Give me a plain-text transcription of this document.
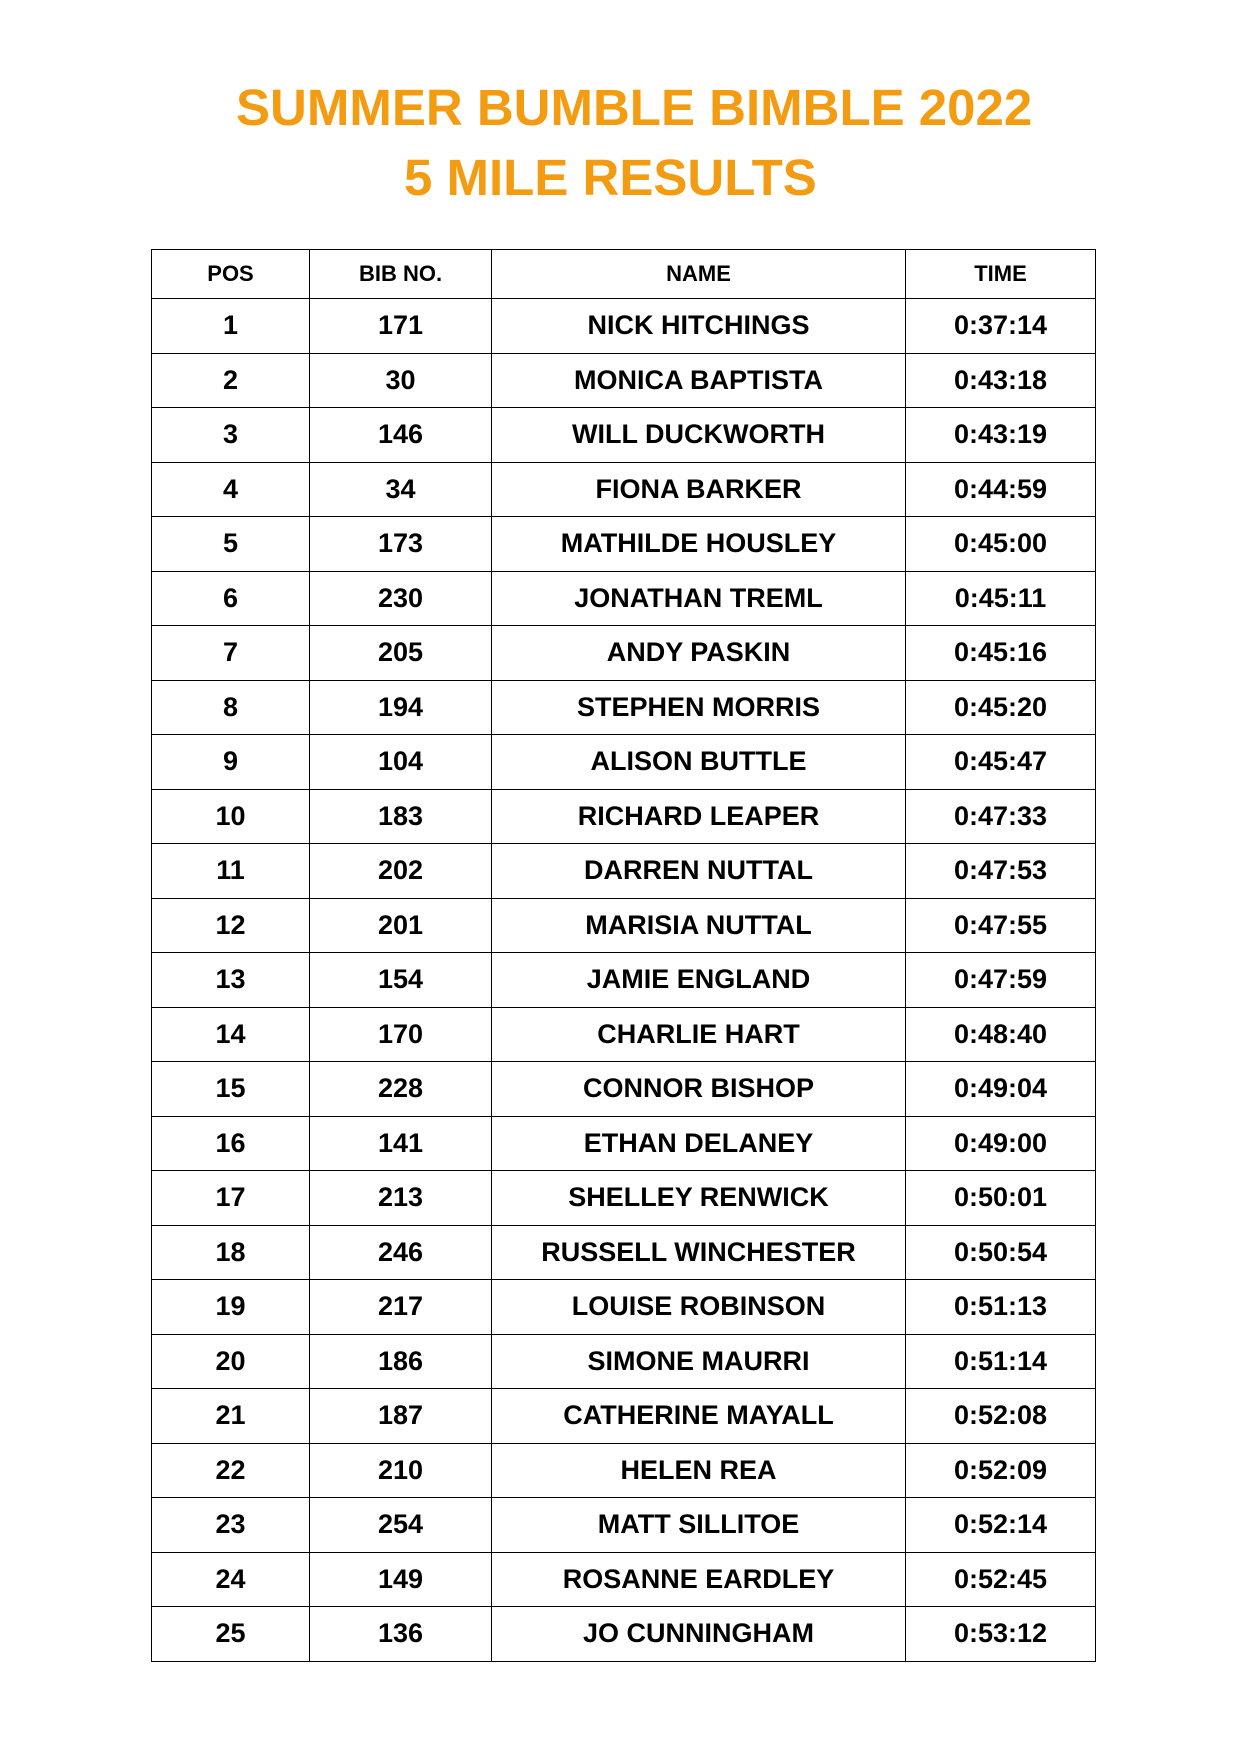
SUMMER BUMBLE BIMBLE 2022
5 MILE RESULTS
POS	BIB NO.	NAME	TIME
1	171	NICK HITCHINGS	0:37:14
2	30	MONICA BAPTISTA	0:43:18
3	146	WILL DUCKWORTH	0:43:19
4	34	FIONA BARKER	0:44:59
5	173	MATHILDE HOUSLEY	0:45:00
6	230	JONATHAN TREML	0:45:11
7	205	ANDY PASKIN	0:45:16
8	194	STEPHEN MORRIS	0:45:20
9	104	ALISON BUTTLE	0:45:47
10	183	RICHARD LEAPER	0:47:33
11	202	DARREN NUTTAL	0:47:53
12	201	MARISIA NUTTAL	0:47:55
13	154	JAMIE ENGLAND	0:47:59
14	170	CHARLIE HART	0:48:40
15	228	CONNOR BISHOP	0:49:04
16	141	ETHAN DELANEY	0:49:00
17	213	SHELLEY RENWICK	0:50:01
18	246	RUSSELL WINCHESTER	0:50:54
19	217	LOUISE ROBINSON	0:51:13
20	186	SIMONE MAURRI	0:51:14
21	187	CATHERINE MAYALL	0:52:08
22	210	HELEN REA	0:52:09
23	254	MATT SILLITOE	0:52:14
24	149	ROSANNE EARDLEY	0:52:45
25	136	JO CUNNINGHAM	0:53:12
